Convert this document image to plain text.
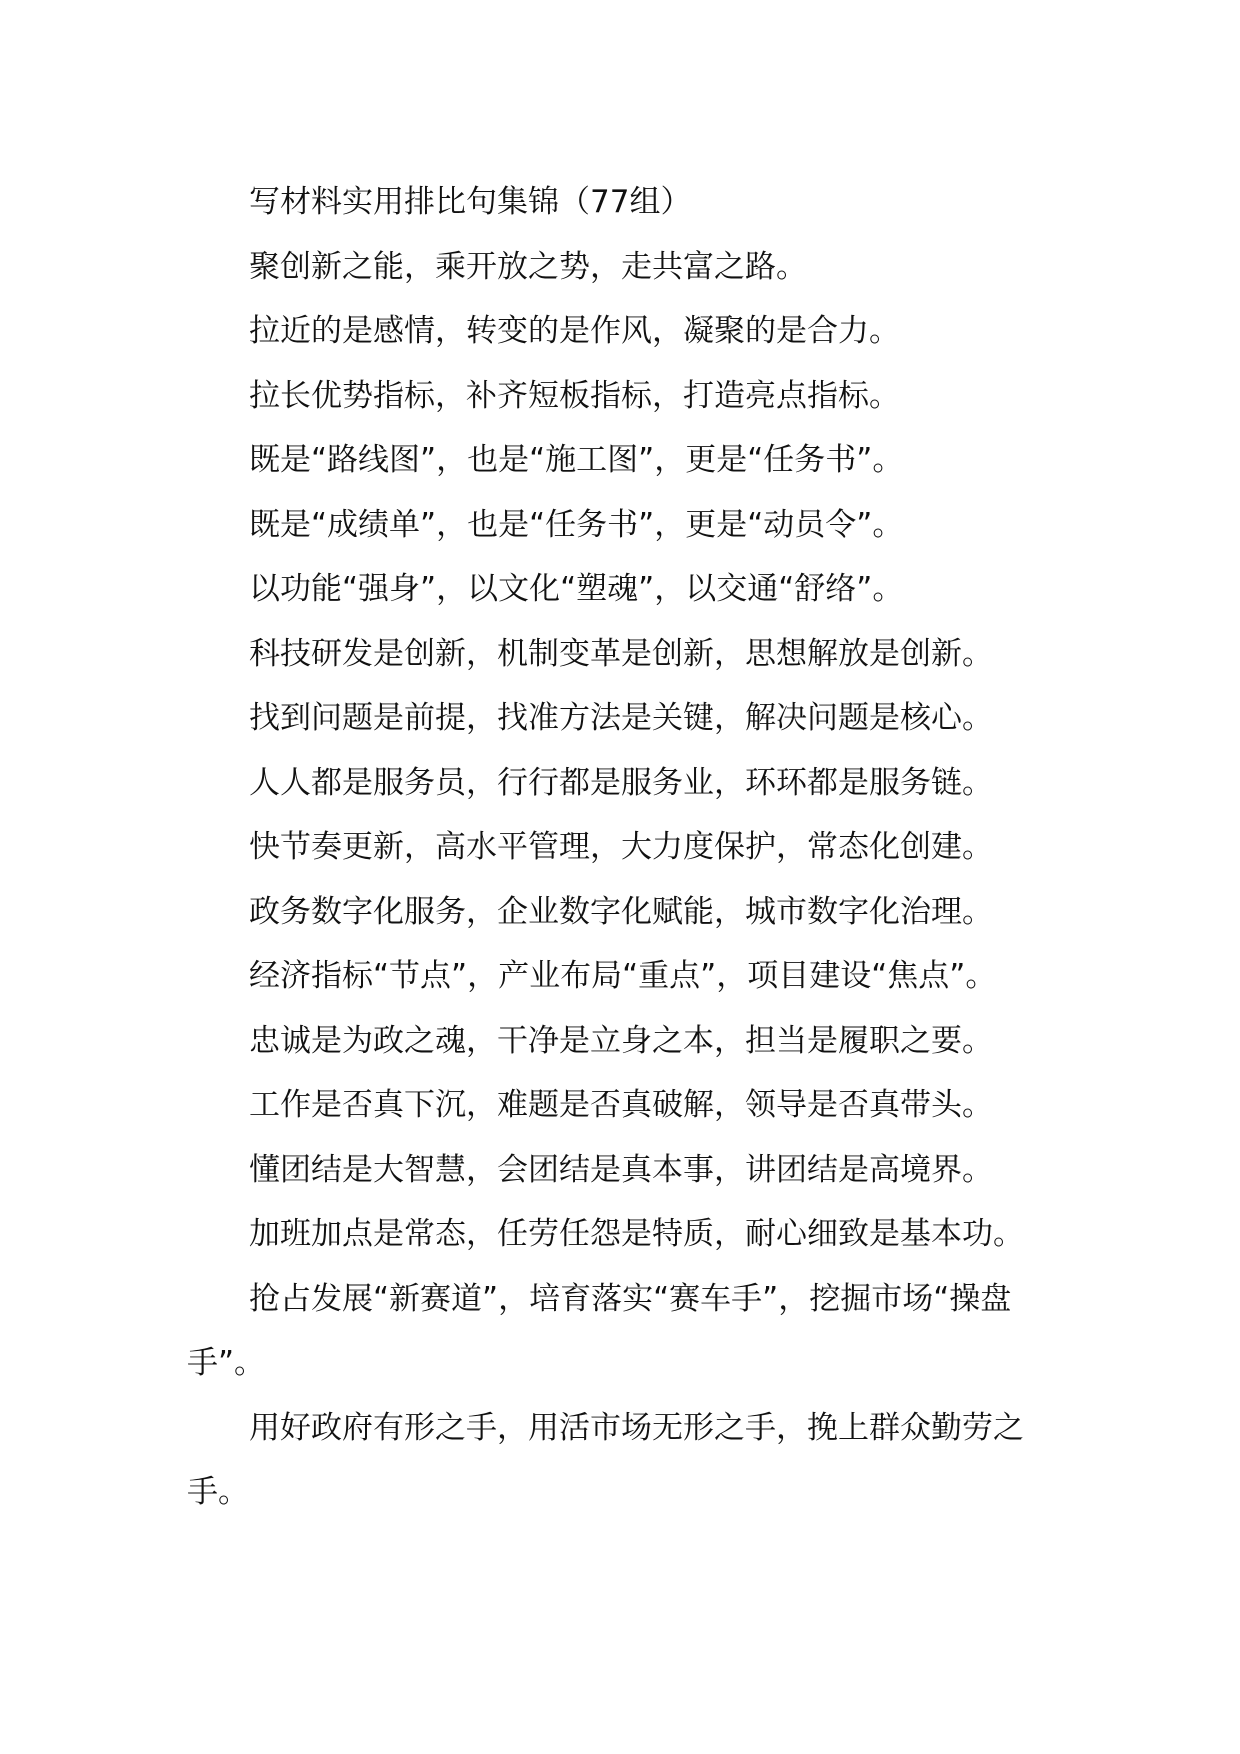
写材料实用排比句集锦（77组）

聚创新之能，乘开放之势，走共富之路。

拉近的是感情，转变的是作风，凝聚的是合力。

拉长优势指标，补齐短板指标，打造亮点指标。

既是“路线图”，也是“施工图”，更是“任务书”。

既是“成绩单”，也是“任务书”，更是“动员令”。

以功能“强身”，以文化“塑魂”，以交通“舒络”。

科技研发是创新，机制变革是创新，思想解放是创新。

找到问题是前提，找准方法是关键，解决问题是核心。

人人都是服务员，行行都是服务业，环环都是服务链。

快节奏更新，高水平管理，大力度保护，常态化创建。

政务数字化服务，企业数字化赋能，城市数字化治理。

经济指标“节点”，产业布局“重点”，项目建设“焦点”。

忠诚是为政之魂，干净是立身之本，担当是履职之要。

工作是否真下沉，难题是否真破解，领导是否真带头。

懂团结是大智慧，会团结是真本事，讲团结是高境界。

加班加点是常态，任劳任怨是特质，耐心细致是基本功。

抢占发展“新赛道”，培育落实“赛车手”，挖掘市场“操盘手”。

用好政府有形之手，用活市场无形之手，挽上群众勤劳之手。
